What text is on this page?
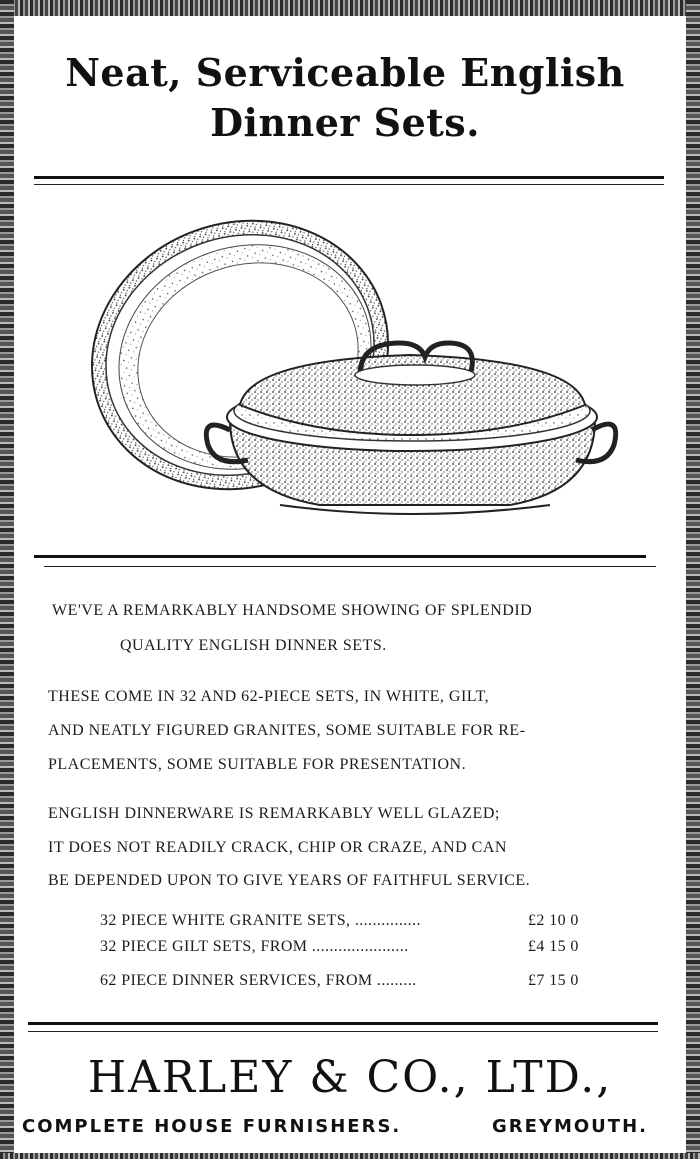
Neat, Serviceable English
Dinner Sets.
WE'VE A REMARKABLY HANDSOME SHOWING OF SPLENDID
QUALITY ENGLISH DINNER SETS.
THESE COME IN 32 AND 62-PIECE SETS, IN WHITE, GILT,
AND NEATLY FIGURED GRANITES, SOME SUITABLE FOR RE-
PLACEMENTS, SOME SUITABLE FOR PRESENTATION.
ENGLISH DINNERWARE IS REMARKABLY WELL GLAZED;
IT DOES NOT READILY CRACK, CHIP OR CRAZE, AND CAN
BE DEPENDED UPON TO GIVE YEARS OF FAITHFUL SERVICE.
32 PIECE WHITE GRANITE SETS, ...............	£2 10 0
32 PIECE GILT SETS, FROM ......................	£4 15 0
62 PIECE DINNER SERVICES, FROM .........	£7 15 0
HARLEY & CO., LTD.,
COMPLETE HOUSE FURNISHERS.	GREYMOUTH.
